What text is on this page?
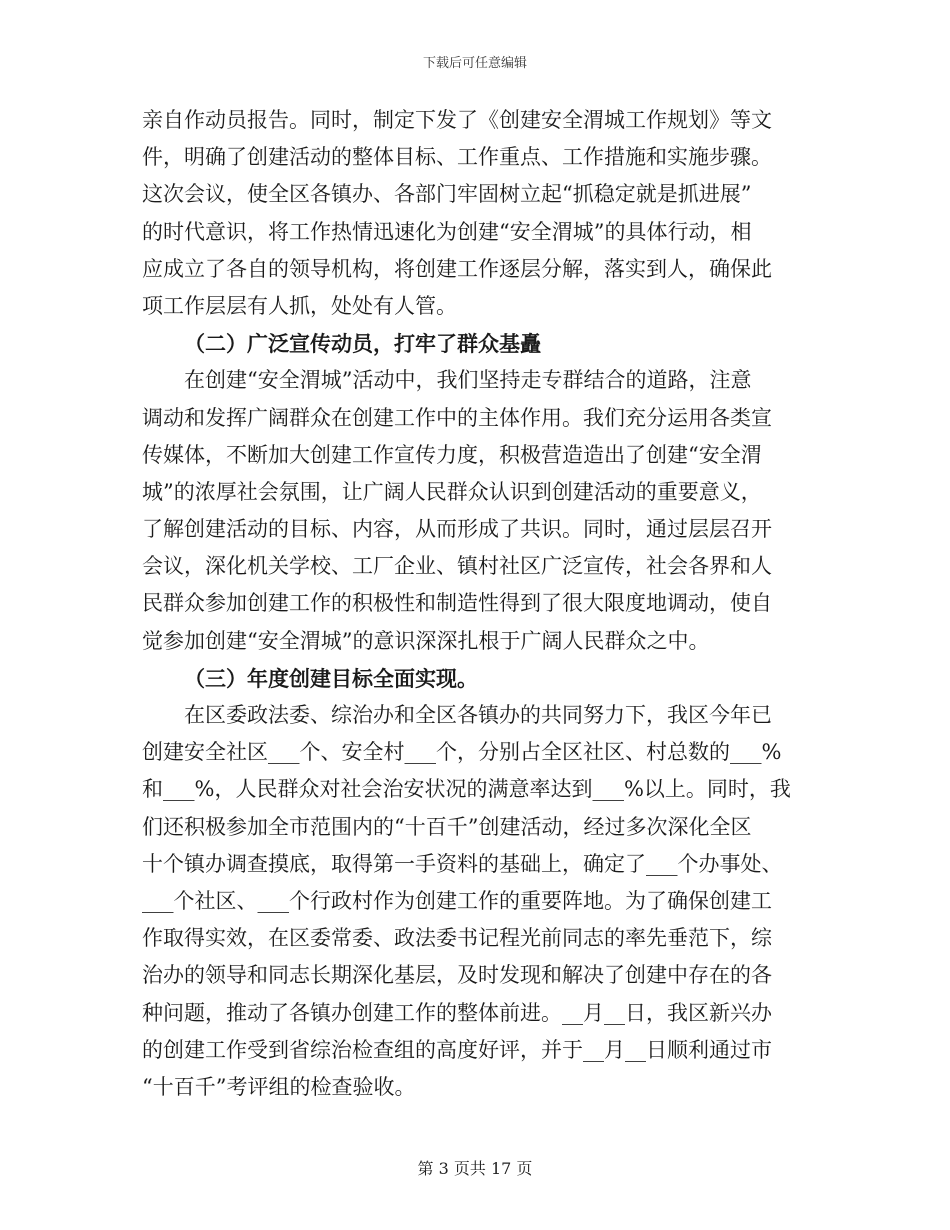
下载后可任意编辑
亲自作动员报告。同时，制定下发了《创建安全渭城工作规划》等文
件，明确了创建活动的整体目标、工作重点、工作措施和实施步骤。
这次会议，使全区各镇办、各部门牢固树立起“抓稳定就是抓进展”
的时代意识，将工作热情迅速化为创建“安全渭城”的具体行动，相
应成立了各自的领导机构，将创建工作逐层分解，落实到人，确保此
项工作层层有人抓，处处有人管。
（二）广泛宣传动员，打牢了群众基矗
在创建“安全渭城”活动中，我们坚持走专群结合的道路，注意
调动和发挥广阔群众在创建工作中的主体作用。我们充分运用各类宣
传媒体，不断加大创建工作宣传力度，积极营造造出了创建“安全渭
城”的浓厚社会氛围，让广阔人民群众认识到创建活动的重要意义，
了解创建活动的目标、内容，从而形成了共识。同时，通过层层召开
会议，深化机关学校、工厂企业、镇村社区广泛宣传，社会各界和人
民群众参加创建工作的积极性和制造性得到了很大限度地调动，使自
觉参加创建“安全渭城”的意识深深扎根于广阔人民群众之中。
（三）年度创建目标全面实现。
在区委政法委、综治办和全区各镇办的共同努力下，我区今年已
创建安全社区___个、安全村___个，分别占全区社区、村总数的___%
和___%，人民群众对社会治安状况的满意率达到___%以上。同时，我
们还积极参加全市范围内的“十百千”创建活动，经过多次深化全区
十个镇办调查摸底，取得第一手资料的基础上，确定了___个办事处、
___个社区、___个行政村作为创建工作的重要阵地。为了确保创建工
作取得实效，在区委常委、政法委书记程光前同志的率先垂范下，综
治办的领导和同志长期深化基层，及时发现和解决了创建中存在的各
种问题，推动了各镇办创建工作的整体前进。__月__日，我区新兴办
的创建工作受到省综治检查组的高度好评，并于__月__日顺利通过市
“十百千”考评组的检查验收。
第 3 页共 17 页
